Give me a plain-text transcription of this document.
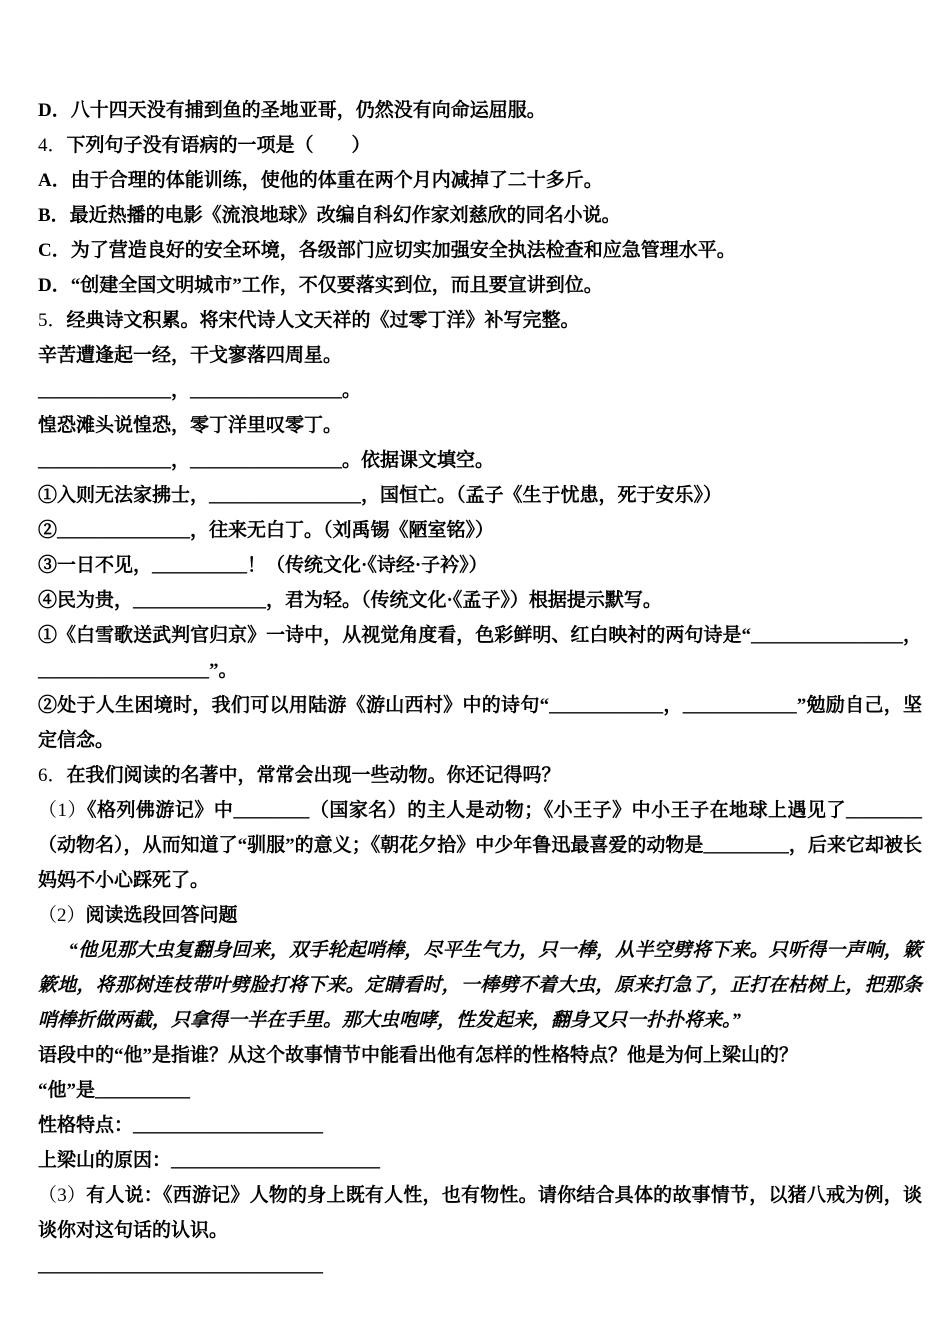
D．八十四天没有捕到鱼的圣地亚哥，仍然没有向命运屈服。

4．下列句子没有语病的一项是（　　）

A．由于合理的体能训练，使他的体重在两个月内减掉了二十多斤。

B．最近热播的电影《流浪地球》改编自科幻作家刘慈欣的同名小说。

C．为了营造良好的安全环境，各级部门应切实加强安全执法检查和应急管理水平。

D．“创建全国文明城市”工作，不仅要落实到位，而且要宣讲到位。

5．经典诗文积累。将宋代诗人文天祥的《过零丁洋》补写完整。

辛苦遭逢起一经，干戈寥落四周星。

______________，________________。

惶恐滩头说惶恐，零丁洋里叹零丁。

______________，________________。依据课文填空。

①入则无法家拂士，________________，国恒亡。（孟子《生于忧患，死于安乐》）

②______________，往来无白丁。（刘禹锡《陋室铭》）

③一日不见，__________！（传统文化·《诗经·子衿》）

④民为贵，______________，君为轻。（传统文化·《孟子》）根据提示默写。

①《白雪歌送武判官归京》一诗中，从视觉角度看，色彩鲜明、红白映衬的两句诗是“________________，__________________”。

②处于人生困境时，我们可以用陆游《游山西村》中的诗句“____________，____________”勉励自己，坚定信念。

6．在我们阅读的名著中，常常会出现一些动物。你还记得吗？

（1）《格列佛游记》中________（国家名）的主人是动物；《小王子》中小王子在地球上遇见了________（动物名），从而知道了“驯服”的意义；《朝花夕拾》中少年鲁迅最喜爱的动物是_________，后来它却被长妈妈不小心踩死了。

（2）阅读选段回答问题

“他见那大虫复翻身回来，双手轮起哨棒，尽平生气力，只一棒，从半空劈将下来。只听得一声响，簌簌地，将那树连枝带叶劈脸打将下来。定睛看时，一棒劈不着大虫，原来打急了，正打在枯树上，把那条哨棒折做两截，只拿得一半在手里。那大虫咆哮，性发起来，翻身又只一扑扑将来。”

语段中的“他”是指谁？从这个故事情节中能看出他有怎样的性格特点？他是为何上梁山的？

“他”是__________

性格特点：____________________

上梁山的原因：______________________

（3）有人说：《西游记》人物的身上既有人性，也有物性。请你结合具体的故事情节，以猪八戒为例，谈谈你对这句话的认识。

______________________________
